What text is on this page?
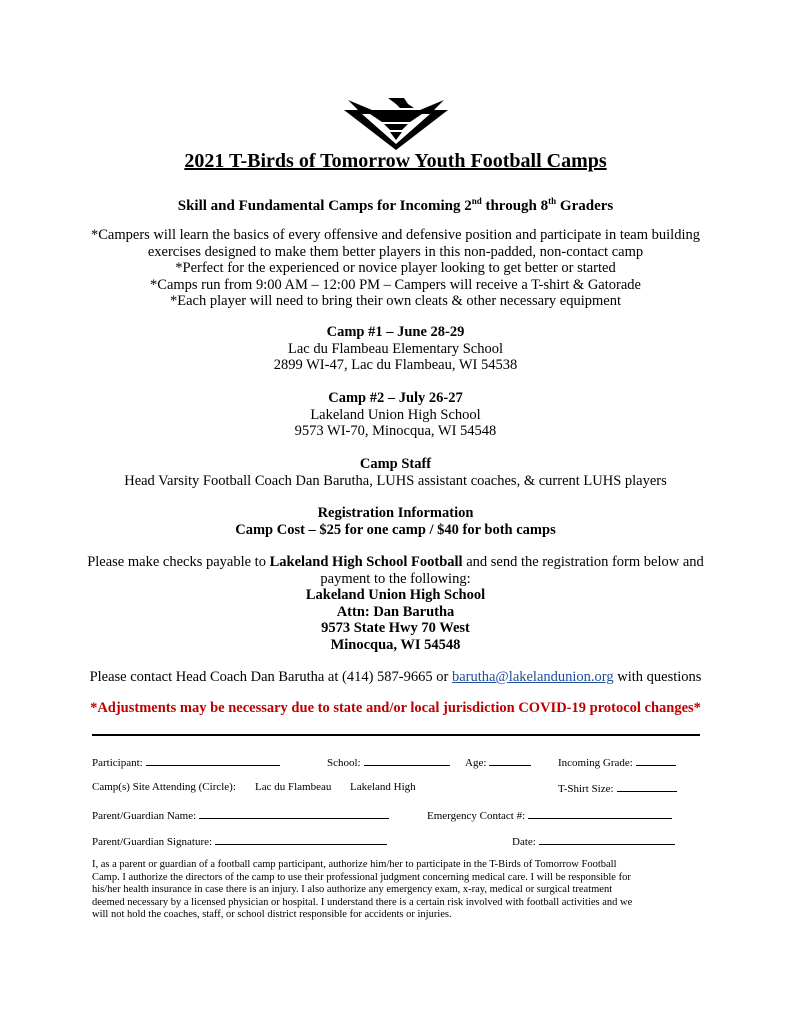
2021 T-Birds of Tomorrow Youth Football Camps
Skill and Fundamental Camps for Incoming 2nd through 8th Graders
*Campers will learn the basics of every offensive and defensive position and participate in team building
exercises designed to make them better players in this non-padded, non-contact camp
*Perfect for the experienced or novice player looking to get better or started
*Camps run from 9:00 AM – 12:00 PM – Campers will receive a T-shirt & Gatorade
*Each player will need to bring their own cleats & other necessary equipment
Camp #1 – June 28-29
Lac du Flambeau Elementary School
2899 WI-47, Lac du Flambeau, WI 54538
Camp #2 – July 26-27
Lakeland Union High School
9573 WI-70, Minocqua, WI 54548
Camp Staff
Head Varsity Football Coach Dan Barutha, LUHS assistant coaches, & current LUHS players
Registration Information
Camp Cost – $25 for one camp / $40 for both camps
Please make checks payable to Lakeland High School Football and send the registration form below and
payment to the following:
Lakeland Union High School
Attn: Dan Barutha
9573 State Hwy 70 West
Minocqua, WI 54548
Please contact Head Coach Dan Barutha at (414) 587-9665 or barutha@lakelandunion.org with questions
*Adjustments may be necessary due to state and/or local jurisdiction COVID-19 protocol changes*
Participant:	School:	Age:	Incoming Grade:
Camp(s) Site Attending (Circle): Lac du Flambeau Lakeland High	T-Shirt Size:
Parent/Guardian Name:	Emergency Contact #:
Parent/Guardian Signature:	Date:
I, as a parent or guardian of a football camp participant, authorize him/her to participate in the T-Birds of Tomorrow Football
Camp. I authorize the directors of the camp to use their professional judgment concerning medical care. I will be responsible for
his/her health insurance in case there is an injury. I also authorize any emergency exam, x-ray, medical or surgical treatment
deemed necessary by a licensed physician or hospital. I understand there is a certain risk involved with football activities and we
will not hold the coaches, staff, or school district responsible for accidents or injuries.
